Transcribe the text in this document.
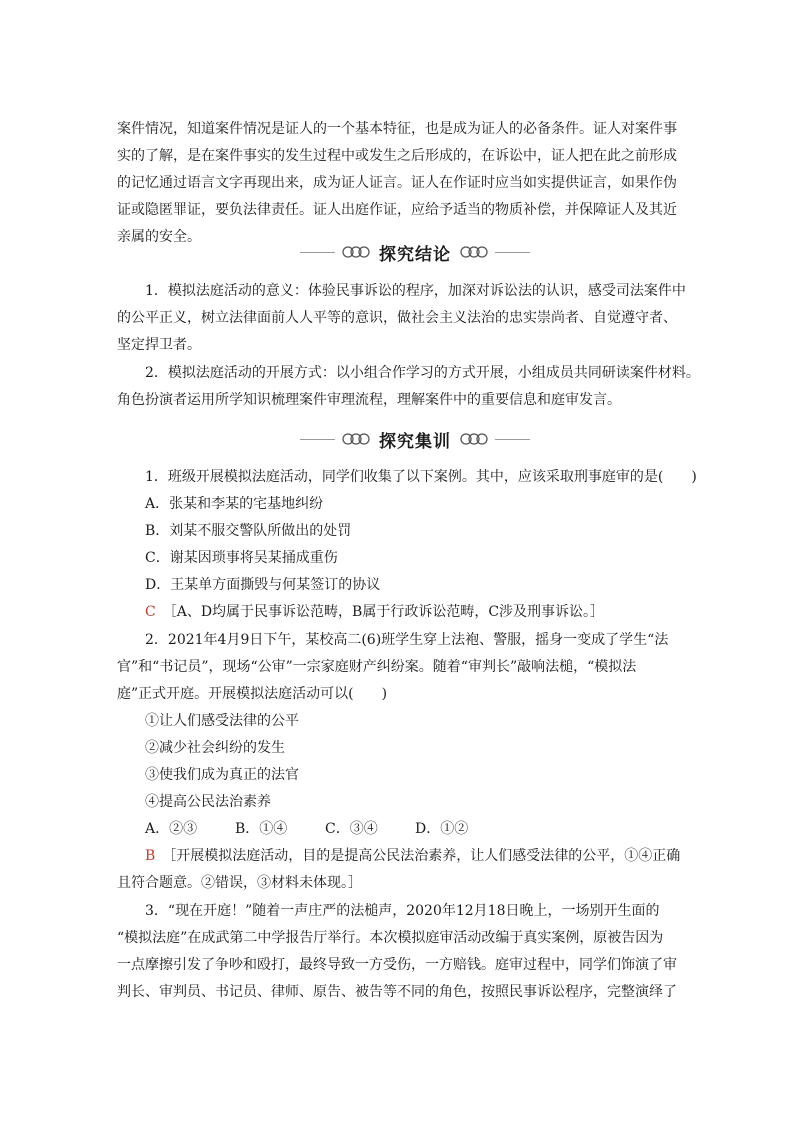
案件情况，知道案件情况是证人的一个基本特征，也是成为证人的必备条件。证人对案件事
实的了解，是在案件事实的发生过程中或发生之后形成的，在诉讼中，证人把在此之前形成
的记忆通过语言文字再现出来，成为证人证言。证人在作证时应当如实提供证言，如果作伪
证或隐匿罪证，要负法律责任。证人出庭作证，应给予适当的物质补偿，并保障证人及其近
亲属的安全。
探究结论
1．模拟法庭活动的意义：体验民事诉讼的程序，加深对诉讼法的认识，感受司法案件中
的公平正义，树立法律面前人人平等的意识，做社会主义法治的忠实崇尚者、自觉遵守者、
坚定捍卫者。
2．模拟法庭活动的开展方式：以小组合作学习的方式开展，小组成员共同研读案件材料。
角色扮演者运用所学知识梳理案件审理流程，理解案件中的重要信息和庭审发言。
探究集训
1．班级开展模拟法庭活动，同学们收集了以下案例。其中，应该采取刑事庭审的是(　　)
A．张某和李某的宅基地纠纷
B．刘某不服交警队所做出的处罚
C．谢某因琐事将吴某捅成重伤
D．王某单方面撕毁与何某签订的协议
C　 ［A、D均属于民事诉讼范畴，B属于行政诉讼范畴，C涉及刑事诉讼。］
2．2021年4月9日下午，某校高二(6)班学生穿上法袍、警服，摇身一变成了学生“法
官”和“书记员”，现场“公审”一宗家庭财产纠纷案。随着“审判长”敲响法槌，“模拟法
庭”正式开庭。开展模拟法庭活动可以(　　)
①让人们感受法律的公平
②减少社会纠纷的发生
③使我们成为真正的法官
④提高公民法治素养
A．②③	B．①④	C．③④	D．①②
B　 ［开展模拟法庭活动，目的是提高公民法治素养，让人们感受法律的公平，①④正确
且符合题意。②错误，③材料未体现。］
3．“现在开庭！”随着一声庄严的法槌声，2020年12月18日晚上，一场别开生面的
“模拟法庭”在成武第二中学报告厅举行。本次模拟庭审活动改编于真实案例，原被告因为
一点摩擦引发了争吵和殴打，最终导致一方受伤，一方赔钱。庭审过程中，同学们饰演了审
判长、审判员、书记员、律师、原告、被告等不同的角色，按照民事诉讼程序，完整演绎了
